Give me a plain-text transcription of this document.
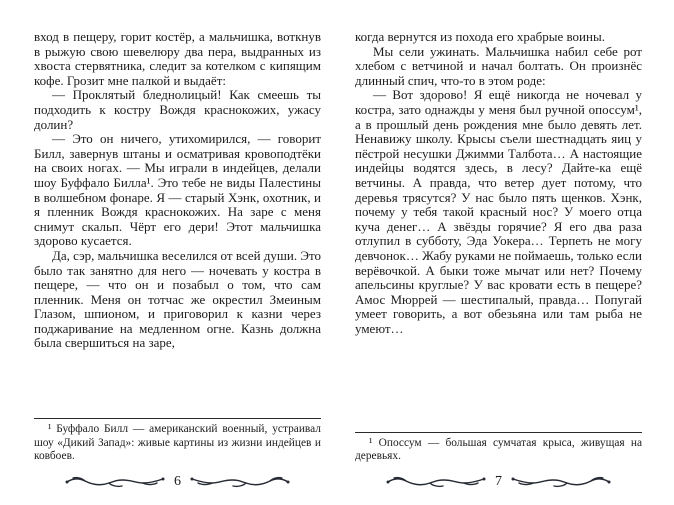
вход в пещеру, горит костёр, а мальчишка, воткнув в рыжую свою шевелюру два пера, выдранных из хвоста стервятника, следит за котелком с кипящим кофе. Грозит мне палкой и выдаёт:

— Проклятый бледнолицый! Как смеешь ты подходить к костру Вождя краснокожих, ужасу долин?

— Это он ничего, утихомирился, — говорит Билл, завернув штаны и осматривая кровоподтёки на своих ногах. — Мы играли в индейцев, делали шоу Буффало Билла¹. Это тебе не виды Палестины в волшебном фонаре. Я — старый Хэнк, охотник, и я пленник Вождя краснокожих. На заре с меня снимут скальп. Чёрт его дери! Этот мальчишка здорово кусается.

Да, сэр, мальчишка веселился от всей души. Это было так занятно для него — ночевать у костра в пещере, — что он и позабыл о том, что сам пленник. Меня он тотчас же окрестил Змеиным Глазом, шпионом, и приговорил к казни через поджаривание на медленном огне. Казнь должна была свершиться на заре,

¹ Буффало Билл — американский военный, устраивал шоу «Дикий Запад»: живые картины из жизни индейцев и ковбоев.

6

когда вернутся из похода его храбрые воины.

Мы сели ужинать. Мальчишка набил себе рот хлебом с ветчиной и начал болтать. Он произнёс длинный спич, что-то в этом роде:

— Вот здорово! Я ещё никогда не ночевал у костра, зато однажды у меня был ручной опоссум¹, а в прошлый день рождения мне было девять лет. Ненавижу школу. Крысы съели шестнадцать яиц у пёстрой несушки Джимми Талбота… А настоящие индейцы водятся здесь, в лесу? Дайте-ка ещё ветчины. А правда, что ветер дует потому, что деревья трясутся? У нас было пять щенков. Хэнк, почему у тебя такой красный нос? У моего отца куча денег… А звёзды горячие? Я его два раза отлупил в субботу, Эда Уокера… Терпеть не могу девчонок… Жабу руками не поймаешь, только если верёвочкой. А быки тоже мычат или нет? Почему апельсины круглые? У вас кровати есть в пещере? Амос Мюррей — шестипалый, правда… Попугай умеет говорить, а вот обезьяна или там рыба не умеют…

¹ Опоссум — большая сумчатая крыса, живущая на деревьях.

7
